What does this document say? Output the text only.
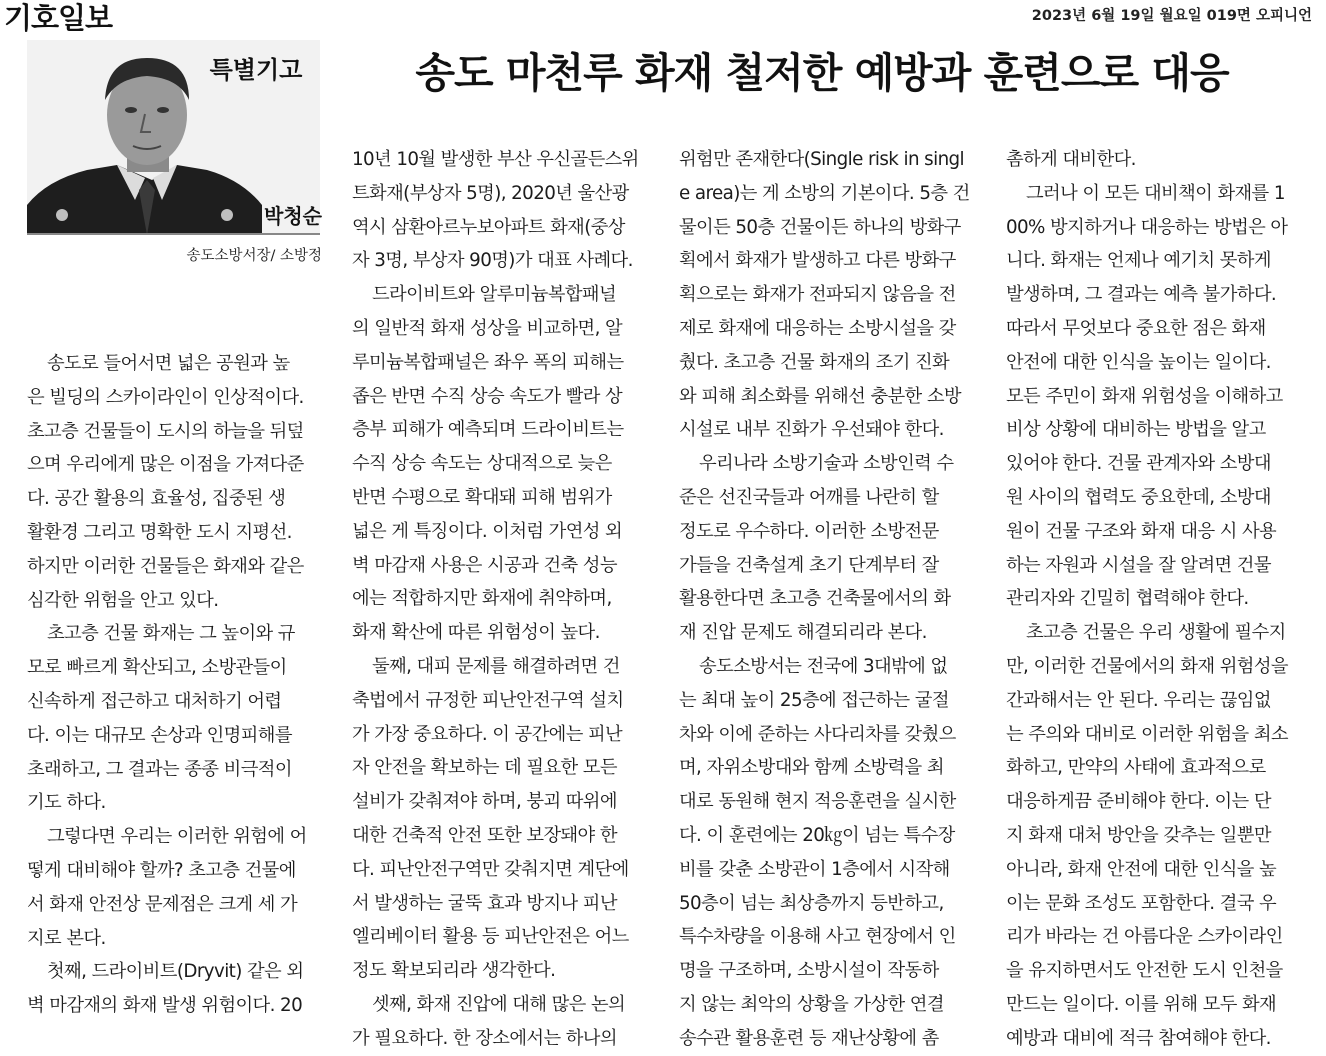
기호일보	2023년 6월 19일 월요일 019면 오피니언
특별기고
박청순
송도소방서장/ 소방정
송도 마천루 화재 철저한 예방과 훈련으로 대응
송도로 들어서면 넓은 공원과 높
은 빌딩의 스카이라인이 인상적이다.
초고층 건물들이 도시의 하늘을 뒤덮
으며 우리에게 많은 이점을 가져다준
다. 공간 활용의 효율성, 집중된 생
활환경 그리고 명확한 도시 지평선.
하지만 이러한 건물들은 화재와 같은
심각한 위험을 안고 있다.
초고층 건물 화재는 그 높이와 규
모로 빠르게 확산되고, 소방관들이
신속하게 접근하고 대처하기 어렵
다. 이는 대규모 손상과 인명피해를
초래하고, 그 결과는 종종 비극적이
기도 하다.
그렇다면 우리는 이러한 위험에 어
떻게 대비해야 할까? 초고층 건물에
서 화재 안전상 문제점은 크게 세 가
지로 본다.
첫째, 드라이비트(Dryvit) 같은 외
벽 마감재의 화재 발생 위험이다. 20
10년 10월 발생한 부산 우신골든스위
트화재(부상자 5명), 2020년 울산광
역시 삼환아르누보아파트 화재(중상
자 3명, 부상자 90명)가 대표 사례다.
드라이비트와 알루미늄복합패널
의 일반적 화재 성상을 비교하면, 알
루미늄복합패널은 좌우 폭의 피해는
좁은 반면 수직 상승 속도가 빨라 상
층부 피해가 예측되며 드라이비트는
수직 상승 속도는 상대적으로 늦은
반면 수평으로 확대돼 피해 범위가
넓은 게 특징이다. 이처럼 가연성 외
벽 마감재 사용은 시공과 건축 성능
에는 적합하지만 화재에 취약하며,
화재 확산에 따른 위험성이 높다.
둘째, 대피 문제를 해결하려면 건
축법에서 규정한 피난안전구역 설치
가 가장 중요하다. 이 공간에는 피난
자 안전을 확보하는 데 필요한 모든
설비가 갖춰져야 하며, 붕괴 따위에
대한 건축적 안전 또한 보장돼야 한
다. 피난안전구역만 갖춰지면 계단에
서 발생하는 굴뚝 효과 방지나 피난
엘리베이터 활용 등 피난안전은 어느
정도 확보되리라 생각한다.
셋째, 화재 진압에 대해 많은 논의
가 필요하다. 한 장소에서는 하나의
위험만 존재한다(Single risk in singl
e area)는 게 소방의 기본이다. 5층 건
물이든 50층 건물이든 하나의 방화구
획에서 화재가 발생하고 다른 방화구
획으로는 화재가 전파되지 않음을 전
제로 화재에 대응하는 소방시설을 갖
췄다. 초고층 건물 화재의 조기 진화
와 피해 최소화를 위해선 충분한 소방
시설로 내부 진화가 우선돼야 한다.
우리나라 소방기술과 소방인력 수
준은 선진국들과 어깨를 나란히 할
정도로 우수하다. 이러한 소방전문
가들을 건축설계 초기 단계부터 잘
활용한다면 초고층 건축물에서의 화
재 진압 문제도 해결되리라 본다.
송도소방서는 전국에 3대밖에 없
는 최대 높이 25층에 접근하는 굴절
차와 이에 준하는 사다리차를 갖췄으
며, 자위소방대와 함께 소방력을 최
대로 동원해 현지 적응훈련을 실시한
다. 이 훈련에는 20㎏이 넘는 특수장
비를 갖춘 소방관이 1층에서 시작해
50층이 넘는 최상층까지 등반하고,
특수차량을 이용해 사고 현장에서 인
명을 구조하며, 소방시설이 작동하
지 않는 최악의 상황을 가상한 연결
송수관 활용훈련 등 재난상황에 촘
촘하게 대비한다.
그러나 이 모든 대비책이 화재를 1
00% 방지하거나 대응하는 방법은 아
니다. 화재는 언제나 예기치 못하게
발생하며, 그 결과는 예측 불가하다.
따라서 무엇보다 중요한 점은 화재
안전에 대한 인식을 높이는 일이다.
모든 주민이 화재 위험성을 이해하고
비상 상황에 대비하는 방법을 알고
있어야 한다. 건물 관계자와 소방대
원 사이의 협력도 중요한데, 소방대
원이 건물 구조와 화재 대응 시 사용
하는 자원과 시설을 잘 알려면 건물
관리자와 긴밀히 협력해야 한다.
초고층 건물은 우리 생활에 필수지
만, 이러한 건물에서의 화재 위험성을
간과해서는 안 된다. 우리는 끊임없
는 주의와 대비로 이러한 위험을 최소
화하고, 만약의 사태에 효과적으로
대응하게끔 준비해야 한다. 이는 단
지 화재 대처 방안을 갖추는 일뿐만
아니라, 화재 안전에 대한 인식을 높
이는 문화 조성도 포함한다. 결국 우
리가 바라는 건 아름다운 스카이라인
을 유지하면서도 안전한 도시 인천을
만드는 일이다. 이를 위해 모두 화재
예방과 대비에 적극 참여해야 한다.
